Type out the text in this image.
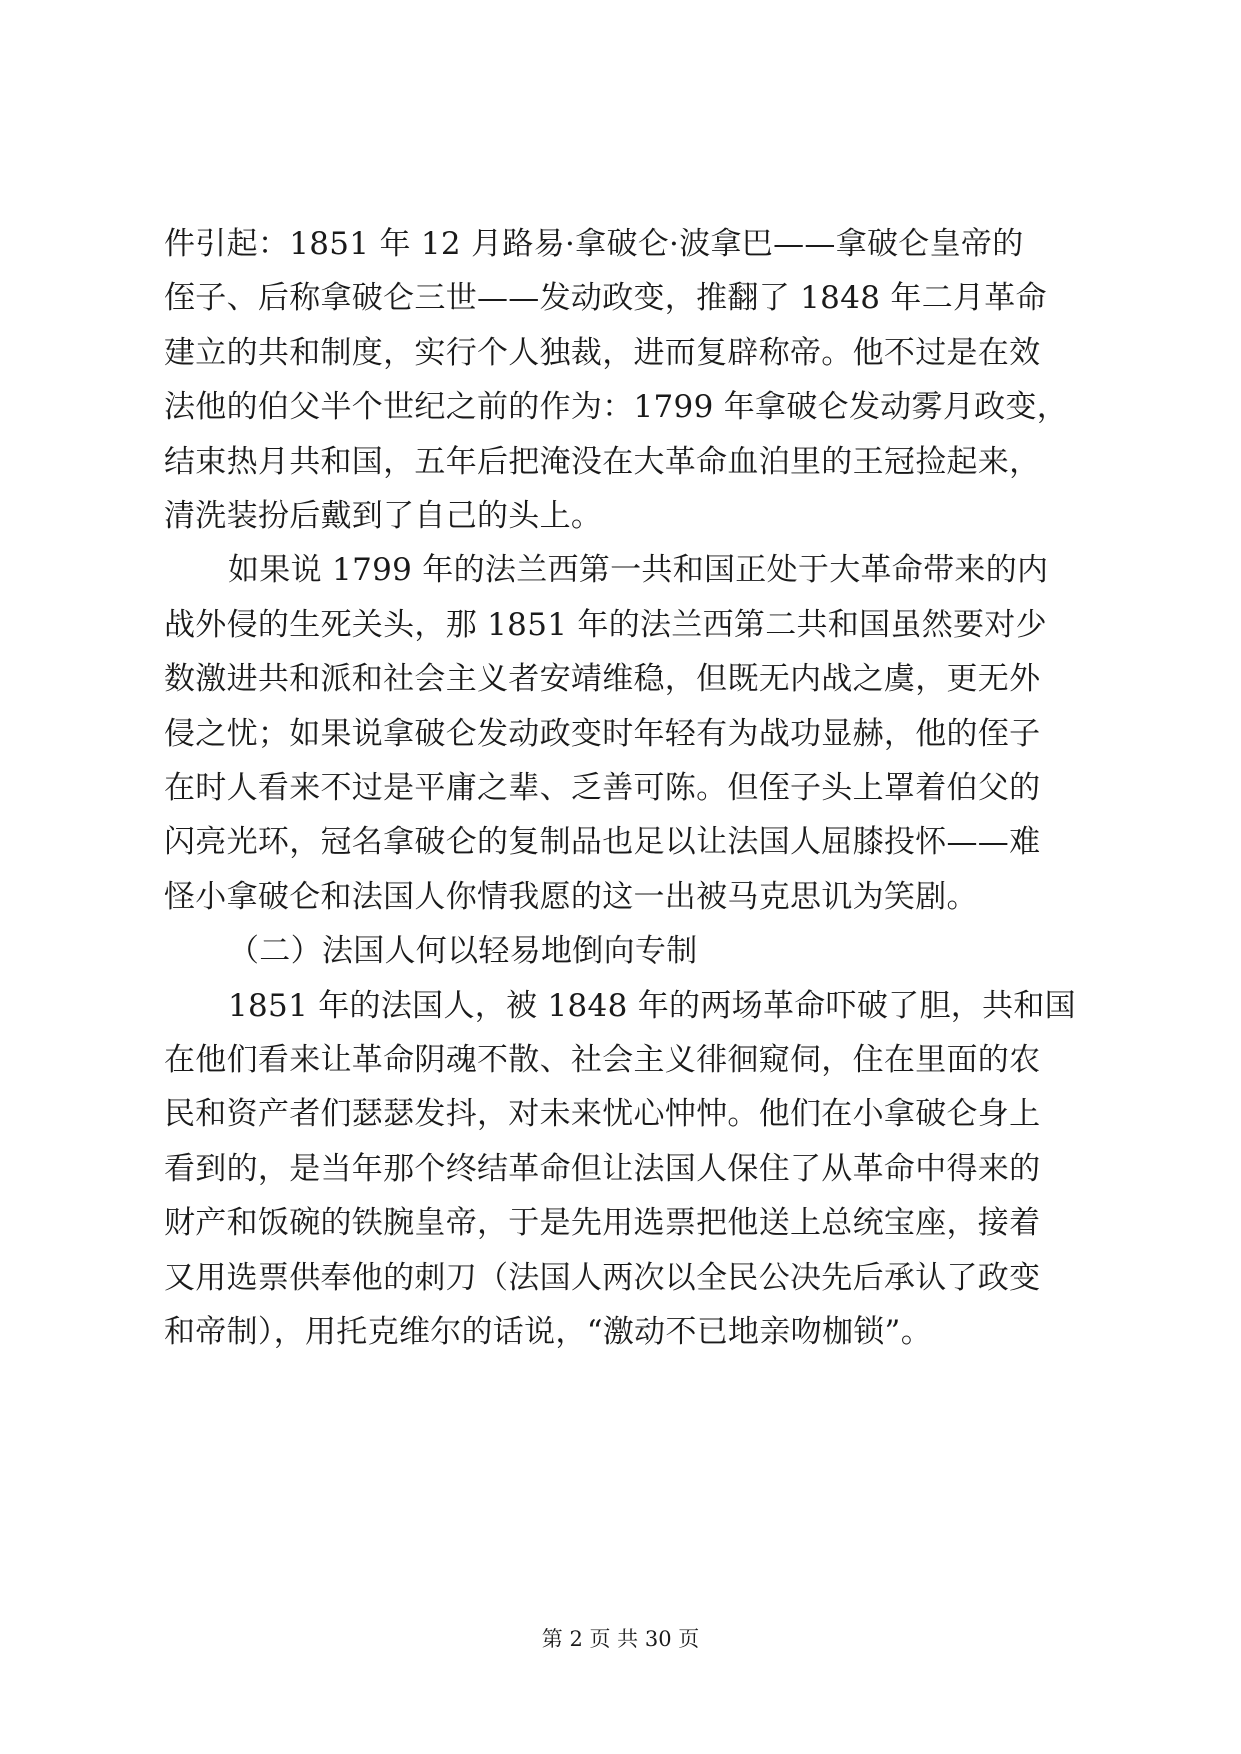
件引起：1851 年 12 月路易·拿破仑·波拿巴——拿破仑皇帝的
侄子、后称拿破仑三世——发动政变，推翻了 1848 年二月革命
建立的共和制度，实行个人独裁，进而复辟称帝。他不过是在效
法他的伯父半个世纪之前的作为：1799 年拿破仑发动雾月政变，
结束热月共和国，五年后把淹没在大革命血泊里的王冠捡起来，
清洗装扮后戴到了自己的头上。
如果说 1799 年的法兰西第一共和国正处于大革命带来的内
战外侵的生死关头，那 1851 年的法兰西第二共和国虽然要对少
数激进共和派和社会主义者安靖维稳，但既无内战之虞，更无外
侵之忧；如果说拿破仑发动政变时年轻有为战功显赫，他的侄子
在时人看来不过是平庸之辈、乏善可陈。但侄子头上罩着伯父的
闪亮光环，冠名拿破仑的复制品也足以让法国人屈膝投怀——难
怪小拿破仑和法国人你情我愿的这一出被马克思讥为笑剧。
（二）法国人何以轻易地倒向专制
1851 年的法国人，被 1848 年的两场革命吓破了胆，共和国
在他们看来让革命阴魂不散、社会主义徘徊窥伺，住在里面的农
民和资产者们瑟瑟发抖，对未来忧心忡忡。他们在小拿破仑身上
看到的，是当年那个终结革命但让法国人保住了从革命中得来的
财产和饭碗的铁腕皇帝，于是先用选票把他送上总统宝座，接着
又用选票供奉他的刺刀（法国人两次以全民公决先后承认了政变
和帝制），用托克维尔的话说，“激动不已地亲吻枷锁”。
第 2 页 共 30 页
